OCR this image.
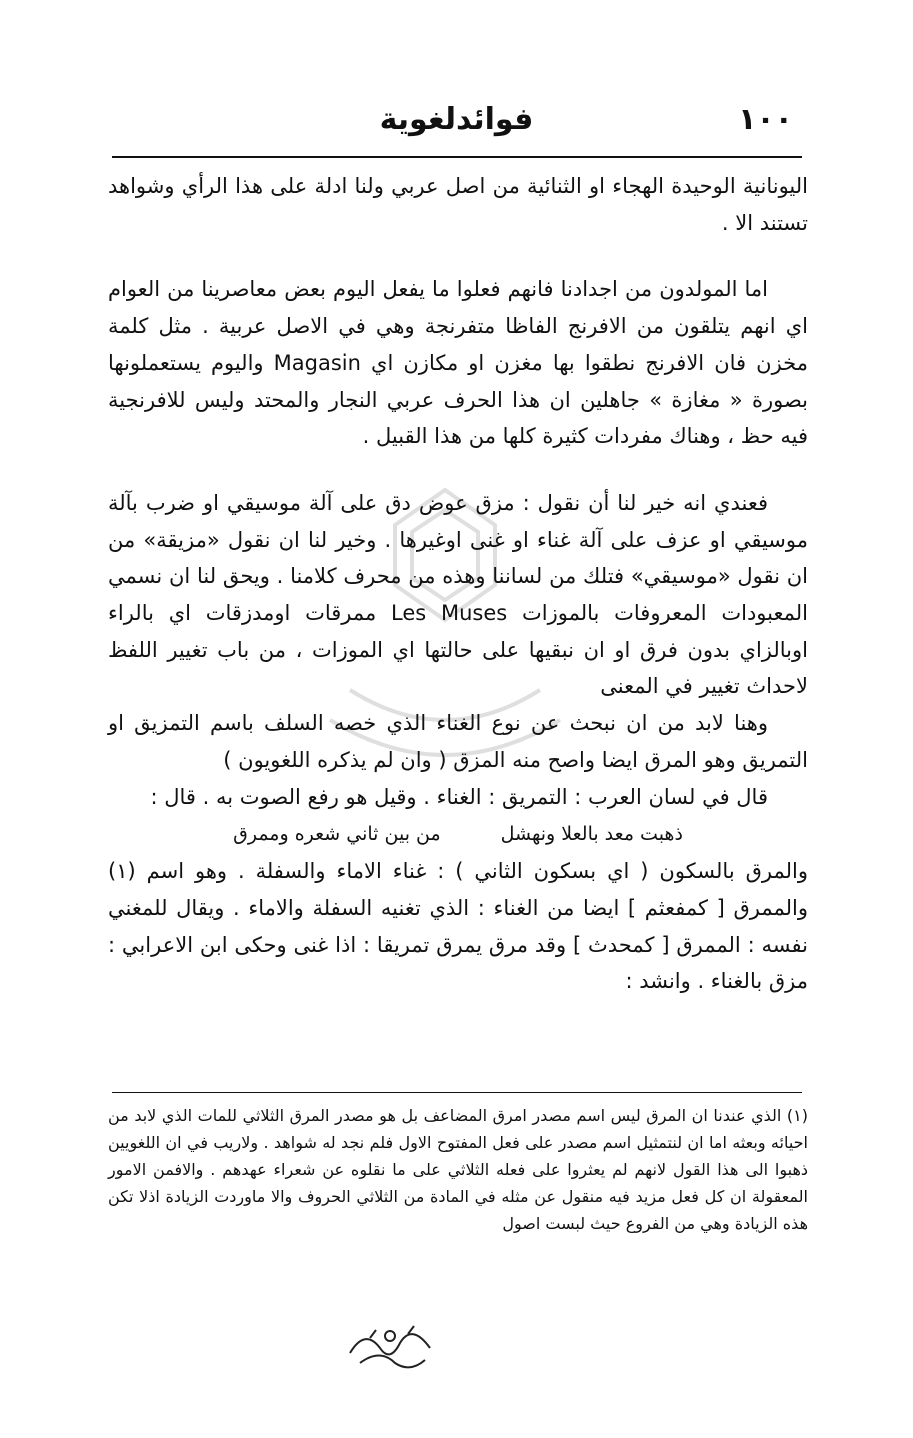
١٠٠
فوائدلغوية

اليونانية الوحيدة الهجاء او الثنائية من اصل عربي ولنا ادلة على هذا الرأي وشواهد تستند الا .

اما المولدون من اجدادنا فانهم فعلوا ما يفعل اليوم بعض معاصرينا من العوام اي انهم يتلقون من الافرنج الفاظا متفرنجة وهي في الاصل عربية . مثل كلمة مخزن فان الافرنج نطقوا بها مغزن او مكازن اي Magasin واليوم يستعملونها بصورة « مغازة » جاهلين ان هذا الحرف عربي النجار والمحتد وليس للافرنجية فيه حظ ، وهناك مفردات كثيرة كلها من هذا القبيل .

فعندي انه خير لنا أن نقول : مزق عوض دق على آلة موسيقي او ضرب بآلة موسيقي او عزف على آلة غناء او غنى اوغيرها . وخير لنا ان نقول «مزيقة» من ان نقول «موسيقي» فتلك من لساننا وهذه من محرف كلامنا . ويحق لنا ان نسمي المعبودات المعروفات بالموزات Les Muses ممرقات اومدزقات اي بالراء اوبالزاي بدون فرق او ان نبقيها على حالتها اي الموزات ، من باب تغيير اللفظ لاحداث تغيير في المعنى

وهنا لابد من ان نبحث عن نوع الغناء الذي خصه السلف باسم التمزيق او التمريق وهو المرق ايضا واصح منه المزق ( وان لم يذكره اللغويون )

قال في لسان العرب : التمريق : الغناء . وقيل هو رفع الصوت به . قال :

ذهبت معد بالعلا ونهشل
من بين ثاني شعره وممرق

والمرق بالسكون ( اي بسكون الثاني ) : غناء الاماء والسفلة . وهو اسم (١) والممرق [ كمفعثم ] ايضا من الغناء : الذي تغنيه السفلة والاماء . ويقال للمغني نفسه : الممرق [ كمحدث ] وقد مرق يمرق تمريقا : اذا غنى وحكى ابن الاعرابي : مزق بالغناء . وانشد :

(١) الذي عندنا ان المرق ليس اسم مصدر امرق المضاعف بل هو مصدر المرق الثلاثي للمات الذي لابد من احيائه وبعثه اما ان لنتمثيل اسم مصدر على فعل المفتوح الاول فلم نجد له شواهد . ولاريب في ان اللغويين ذهبوا الى هذا القول لانهم لم يعثروا على فعله الثلاثي على ما نقلوه عن شعراء عهدهم . والافمن الامور المعقولة ان كل فعل مزيد فيه منقول عن مثله في المادة من الثلاثي الحروف والا ماوردت الزيادة اذلا تكن هذه الزيادة وهي من الفروع حيث لبست اصول
